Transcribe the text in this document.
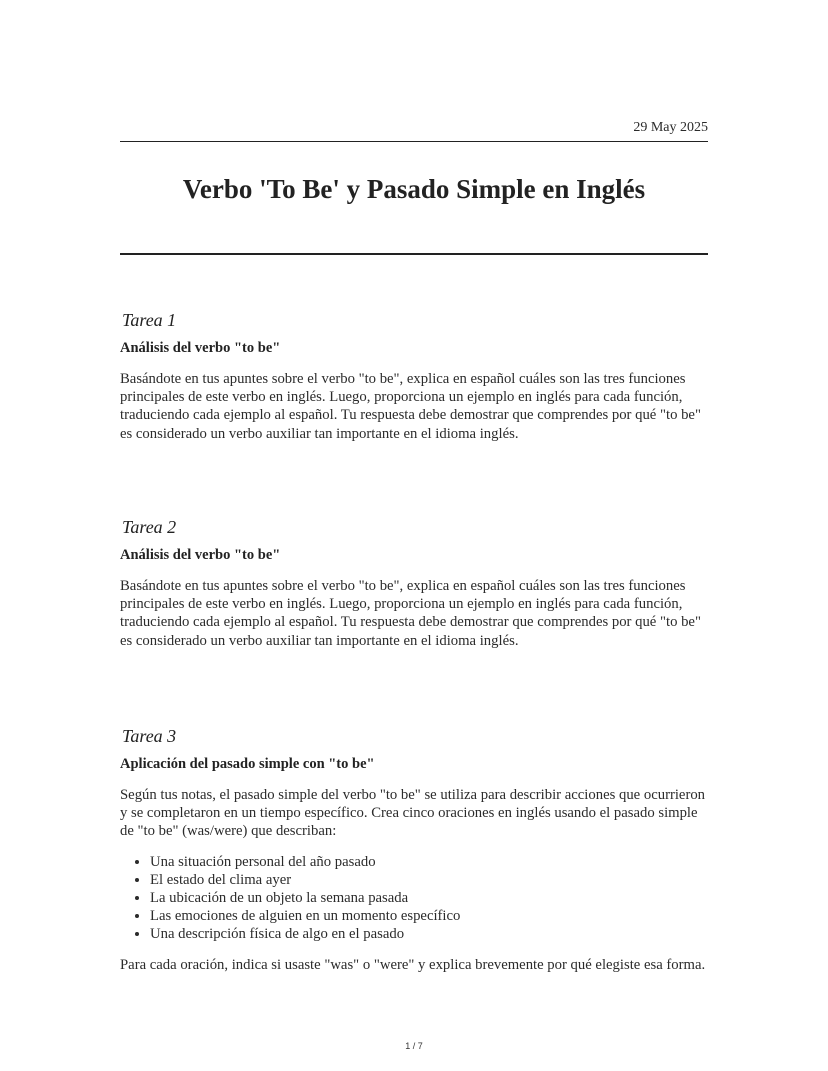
29 May 2025
Verbo 'To Be' y Pasado Simple en Inglés
Tarea 1
Análisis del verbo "to be"
Basándote en tus apuntes sobre el verbo "to be", explica en español cuáles son las tres funciones principales de este verbo en inglés. Luego, proporciona un ejemplo en inglés para cada función, traduciendo cada ejemplo al español. Tu respuesta debe demostrar que comprendes por qué "to be" es considerado un verbo auxiliar tan importante en el idioma inglés.
Tarea 2
Análisis del verbo "to be"
Basándote en tus apuntes sobre el verbo "to be", explica en español cuáles son las tres funciones principales de este verbo en inglés. Luego, proporciona un ejemplo en inglés para cada función, traduciendo cada ejemplo al español. Tu respuesta debe demostrar que comprendes por qué "to be" es considerado un verbo auxiliar tan importante en el idioma inglés.
Tarea 3
Aplicación del pasado simple con "to be"
Según tus notas, el pasado simple del verbo "to be" se utiliza para describir acciones que ocurrieron y se completaron en un tiempo específico. Crea cinco oraciones en inglés usando el pasado simple de "to be" (was/were) que describan:
• Una situación personal del año pasado
• El estado del clima ayer
• La ubicación de un objeto la semana pasada
• Las emociones de alguien en un momento específico
• Una descripción física de algo en el pasado
Para cada oración, indica si usaste "was" o "were" y explica brevemente por qué elegiste esa forma.
1 / 7
